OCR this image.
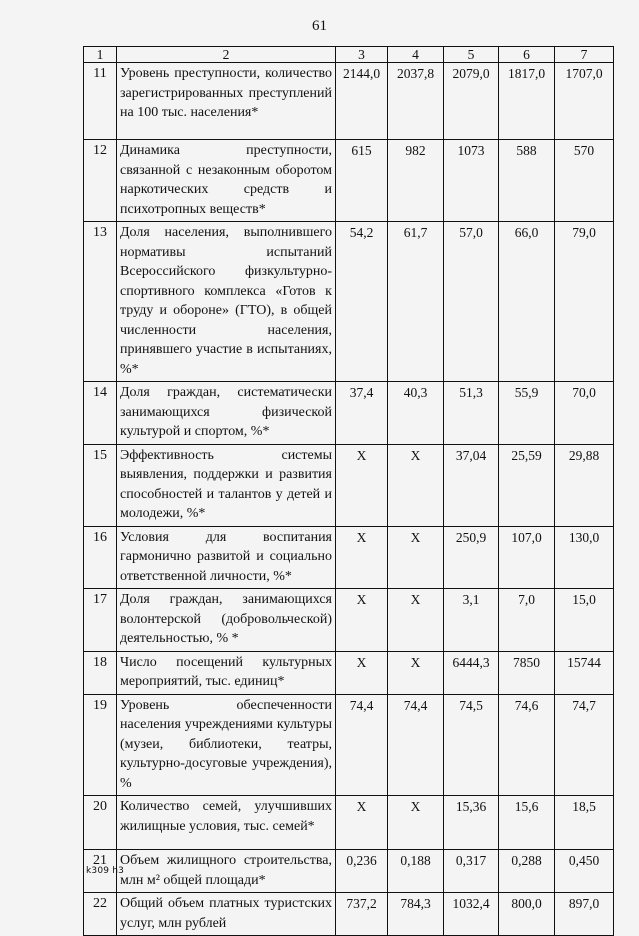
61
1	2	3	4	5	6	7
11	Уровень преступности, количество зарегистрированных преступлений на 100 тыс. населения*	2144,0	2037,8	2079,0	1817,0	1707,0
12	Динамика преступности, связанной с незаконным оборотом наркотических средств и психотропных веществ*	615	982	1073	588	570
13	Доля населения, выполнившего нормативы испытаний Всероссийского физкультурно-спортивного комплекса «Готов к труду и обороне» (ГТО), в общей численности населения, принявшего участие в испытаниях, %*	54,2	61,7	57,0	66,0	79,0
14	Доля граждан, систематически занимающихся физической культурой и спортом, %*	37,4	40,3	51,3	55,9	70,0
15	Эффективность системы выявления, поддержки и развития способностей и талантов у детей и молодежи, %*	X	X	37,04	25,59	29,88
16	Условия для воспитания гармонично развитой и социально ответственной личности, %*	X	X	250,9	107,0	130,0
17	Доля граждан, занимающихся волонтерской (добровольческой) деятельностью, % *	X	X	3,1	7,0	15,0
18	Число посещений культурных мероприятий, тыс. единиц*	X	X	6444,3	7850	15744
19	Уровень обеспеченности населения учреждениями культуры (музеи, библиотеки, театры, культурно-досуговые учреждения), %	74,4	74,4	74,5	74,6	74,7
20	Количество семей, улучшивших жилищные условия, тыс. семей*	X	X	15,36	15,6	18,5
21	Объем жилищного строительства, млн м² общей площади*	0,236	0,188	0,317	0,288	0,450
22	Общий объем платных туристских услуг, млн рублей	737,2	784,3	1032,4	800,0	897,0
k309 h3
